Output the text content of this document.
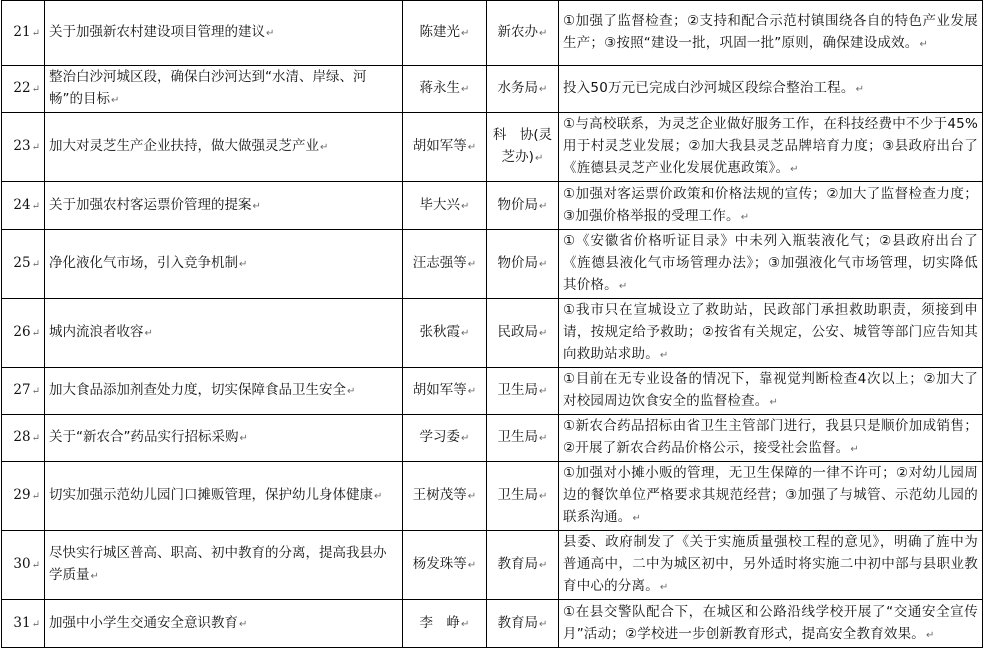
21↵	关于加强新农村建设项目管理的建议↵	陈建光↵	新农办↵	①加强了监督检查；②支持和配合示范村镇围绕各自的特色产业发展生产；③按照“建设一批，巩固一批”原则，确保建设成效。↵
22↵	整治白沙河城区段，确保白沙河达到“水清、岸绿、河畅”的目标↵	蒋永生↵	水务局↵	投入50万元已完成白沙河城区段综合整治工程。↵
23↵	加大对灵芝生产企业扶持，做大做强灵芝产业↵	胡如军等↵	科　协(灵芝办)↵	①与高校联系，为灵芝企业做好服务工作，在科技经费中不少于45%用于村灵芝业发展；②加大我县灵芝品牌培育力度；③县政府出台了《旌德县灵芝产业化发展优惠政策》。↵
24↵	关于加强农村客运票价管理的提案↵	毕大兴↵	物价局↵	①加强对客运票价政策和价格法规的宣传；②加大了监督检查力度；③加强价格举报的受理工作。↵
25↵	净化液化气市场，引入竞争机制↵	汪志强等↵	物价局↵	①《安徽省价格听证目录》中未列入瓶装液化气；②县政府出台了《旌德县液化气市场管理办法》；③加强液化气市场管理，切实降低其价格。↵
26↵	城内流浪者收容↵	张秋霞↵	民政局↵	①我市只在宣城设立了救助站，民政部门承担救助职责，须接到申请，按规定给予救助；②按省有关规定，公安、城管等部门应告知其向救助站求助。↵
27↵	加大食品添加剂查处力度，切实保障食品卫生安全↵	胡如军等↵	卫生局↵	①目前在无专业设备的情况下，靠视觉判断检查4次以上；②加大了对校园周边饮食安全的监督检查。↵
28↵	关于“新农合”药品实行招标采购↵	学习委↵	卫生局↵	①新农合药品招标由省卫生主管部门进行，我县只是顺价加成销售；②开展了新农合药品价格公示，接受社会监督。↵
29↵	切实加强示范幼儿园门口摊贩管理，保护幼儿身体健康↵	王树茂等↵	卫生局↵	①加强对小摊小贩的管理，无卫生保障的一律不许可；②对幼儿园周边的餐饮单位严格要求其规范经营；③加强了与城管、示范幼儿园的联系沟通。↵
30↵	尽快实行城区普高、职高、初中教育的分离，提高我县办学质量↵	杨发珠等↵	教育局↵	县委、政府制发了《关于实施质量强校工程的意见》，明确了旌中为普通高中，二中为城区初中，另外适时将实施二中初中部与县职业教育中心的分离。↵
31↵	加强中小学生交通安全意识教育↵	李　峥↵	教育局↵	①在县交警队配合下，在城区和公路沿线学校开展了“交通安全宣传月”活动；②学校进一步创新教育形式，提高安全教育效果。↵
